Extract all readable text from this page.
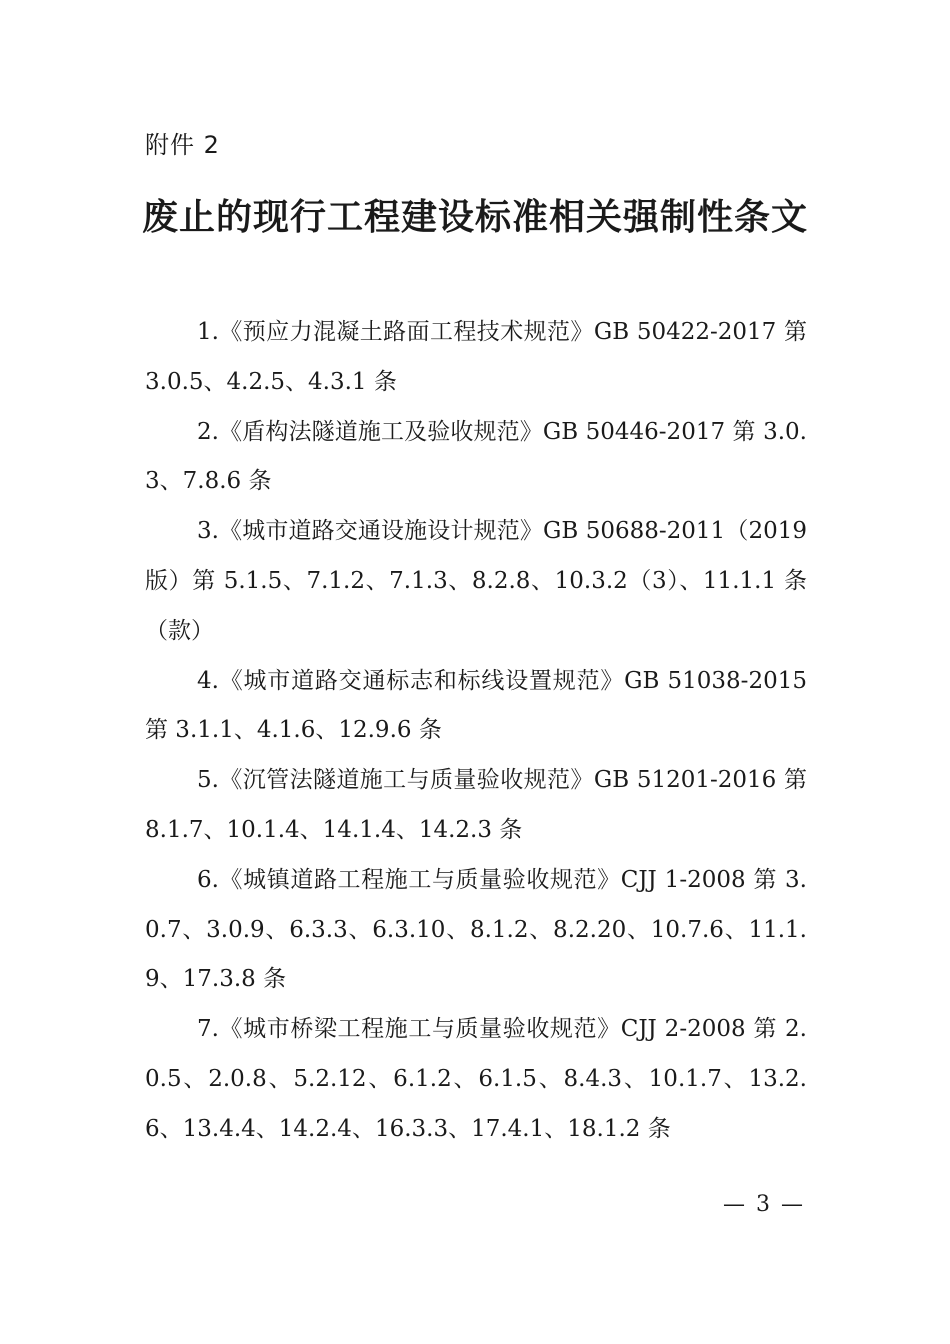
附件 2
废止的现行工程建设标准相关强制性条文

1.《预应力混凝土路面工程技术规范》GB 50422-2017 第 3.0.5、4.2.5、4.3.1 条

2.《盾构法隧道施工及验收规范》GB 50446-2017 第 3.0.3、7.8.6 条

3.《城市道路交通设施设计规范》GB 50688-2011（2019 版）第 5.1.5、7.1.2、7.1.3、8.2.8、10.3.2（3）、11.1.1 条（款）

4.《城市道路交通标志和标线设置规范》GB 51038-2015 第 3.1.1、4.1.6、12.9.6 条

5.《沉管法隧道施工与质量验收规范》GB 51201-2016 第 8.1.7、10.1.4、14.1.4、14.2.3 条

6.《城镇道路工程施工与质量验收规范》CJJ 1-2008 第 3.0.7、3.0.9、6.3.3、6.3.10、8.1.2、8.2.20、10.7.6、11.1.9、17.3.8 条

7.《城市桥梁工程施工与质量验收规范》CJJ 2-2008 第 2.0.5、2.0.8、5.2.12、6.1.2、6.1.5、8.4.3、10.1.7、13.2.6、13.4.4、14.2.4、16.3.3、17.4.1、18.1.2 条

— 3 —
